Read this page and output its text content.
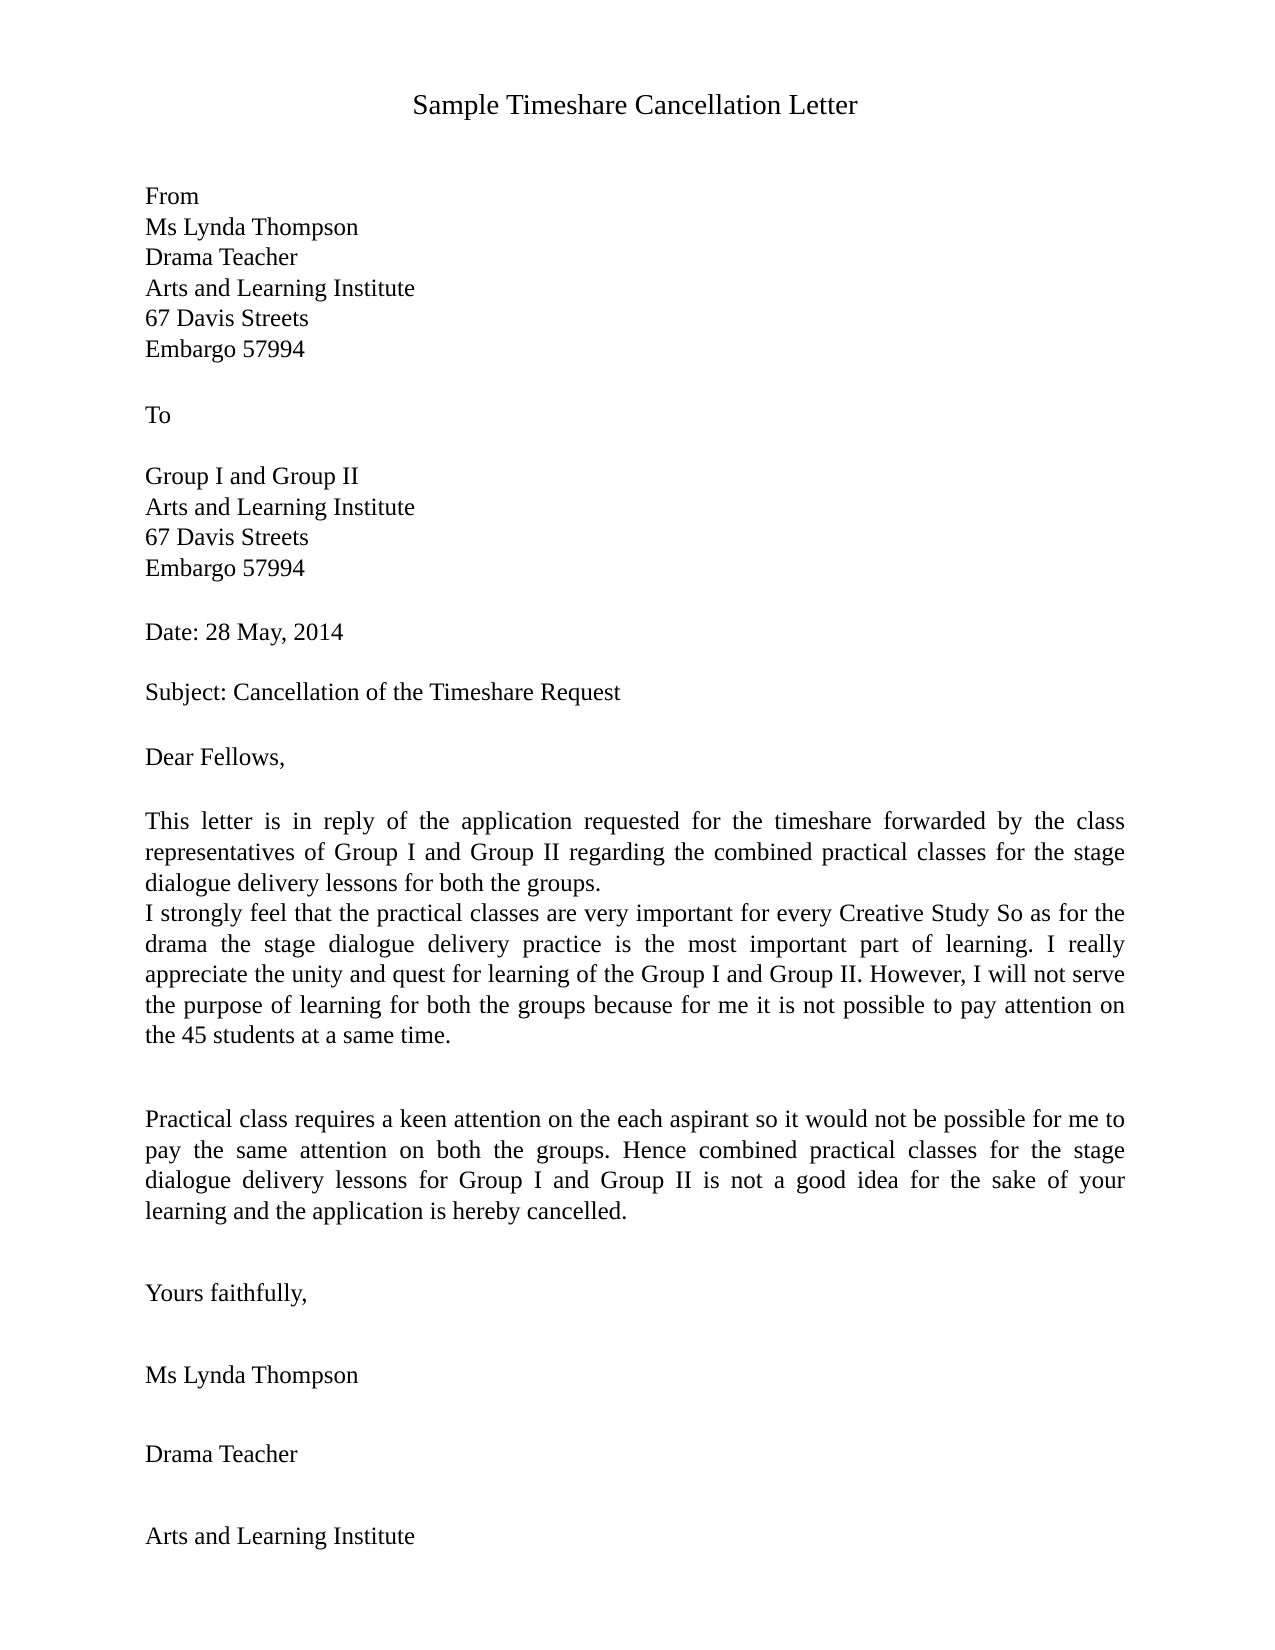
Sample Timeshare Cancellation Letter
From
Ms Lynda Thompson
Drama Teacher
Arts and Learning Institute
67 Davis Streets
Embargo 57994
To
Group I and Group II
Arts and Learning Institute
67 Davis Streets
Embargo 57994

Date: 28 May, 2014

Subject: Cancellation of the Timeshare Request

Dear Fellows,

This letter is in reply of the application requested for the timeshare forwarded by the class representatives of Group I and Group II regarding the combined practical classes for the stage dialogue delivery lessons for both the groups.

I strongly feel that the practical classes are very important for every Creative Study So as for the drama the stage dialogue delivery practice is the most important part of learning. I really appreciate the unity and quest for learning of the Group I and Group II. However, I will not serve the purpose of learning for both the groups because for me it is not possible to pay attention on the 45 students at a same time.

Practical class requires a keen attention on the each aspirant so it would not be possible for me to pay the same attention on both the groups. Hence combined practical classes for the stage dialogue delivery lessons for Group I and Group II is not a good idea for the sake of your learning and the application is hereby cancelled.

Yours faithfully,

Ms Lynda Thompson

Drama Teacher

Arts and Learning Institute
